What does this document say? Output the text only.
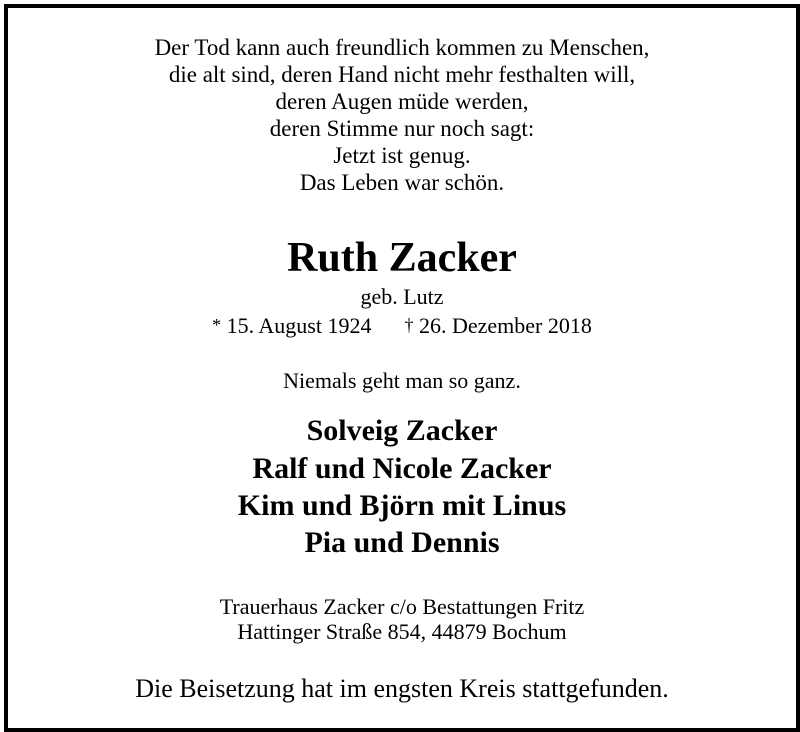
Der Tod kann auch freundlich kommen zu Menschen,
die alt sind, deren Hand nicht mehr festhalten will,
deren Augen müde werden,
deren Stimme nur noch sagt:
Jetzt ist genug.
Das Leben war schön.
Ruth Zacker
geb. Lutz
* 15. August 1924 † 26. Dezember 2018
Niemals geht man so ganz.
Solveig Zacker
Ralf und Nicole Zacker
Kim und Björn mit Linus
Pia und Dennis
Trauerhaus Zacker c/o Bestattungen Fritz
Hattinger Straße 854, 44879 Bochum
Die Beisetzung hat im engsten Kreis stattgefunden.
